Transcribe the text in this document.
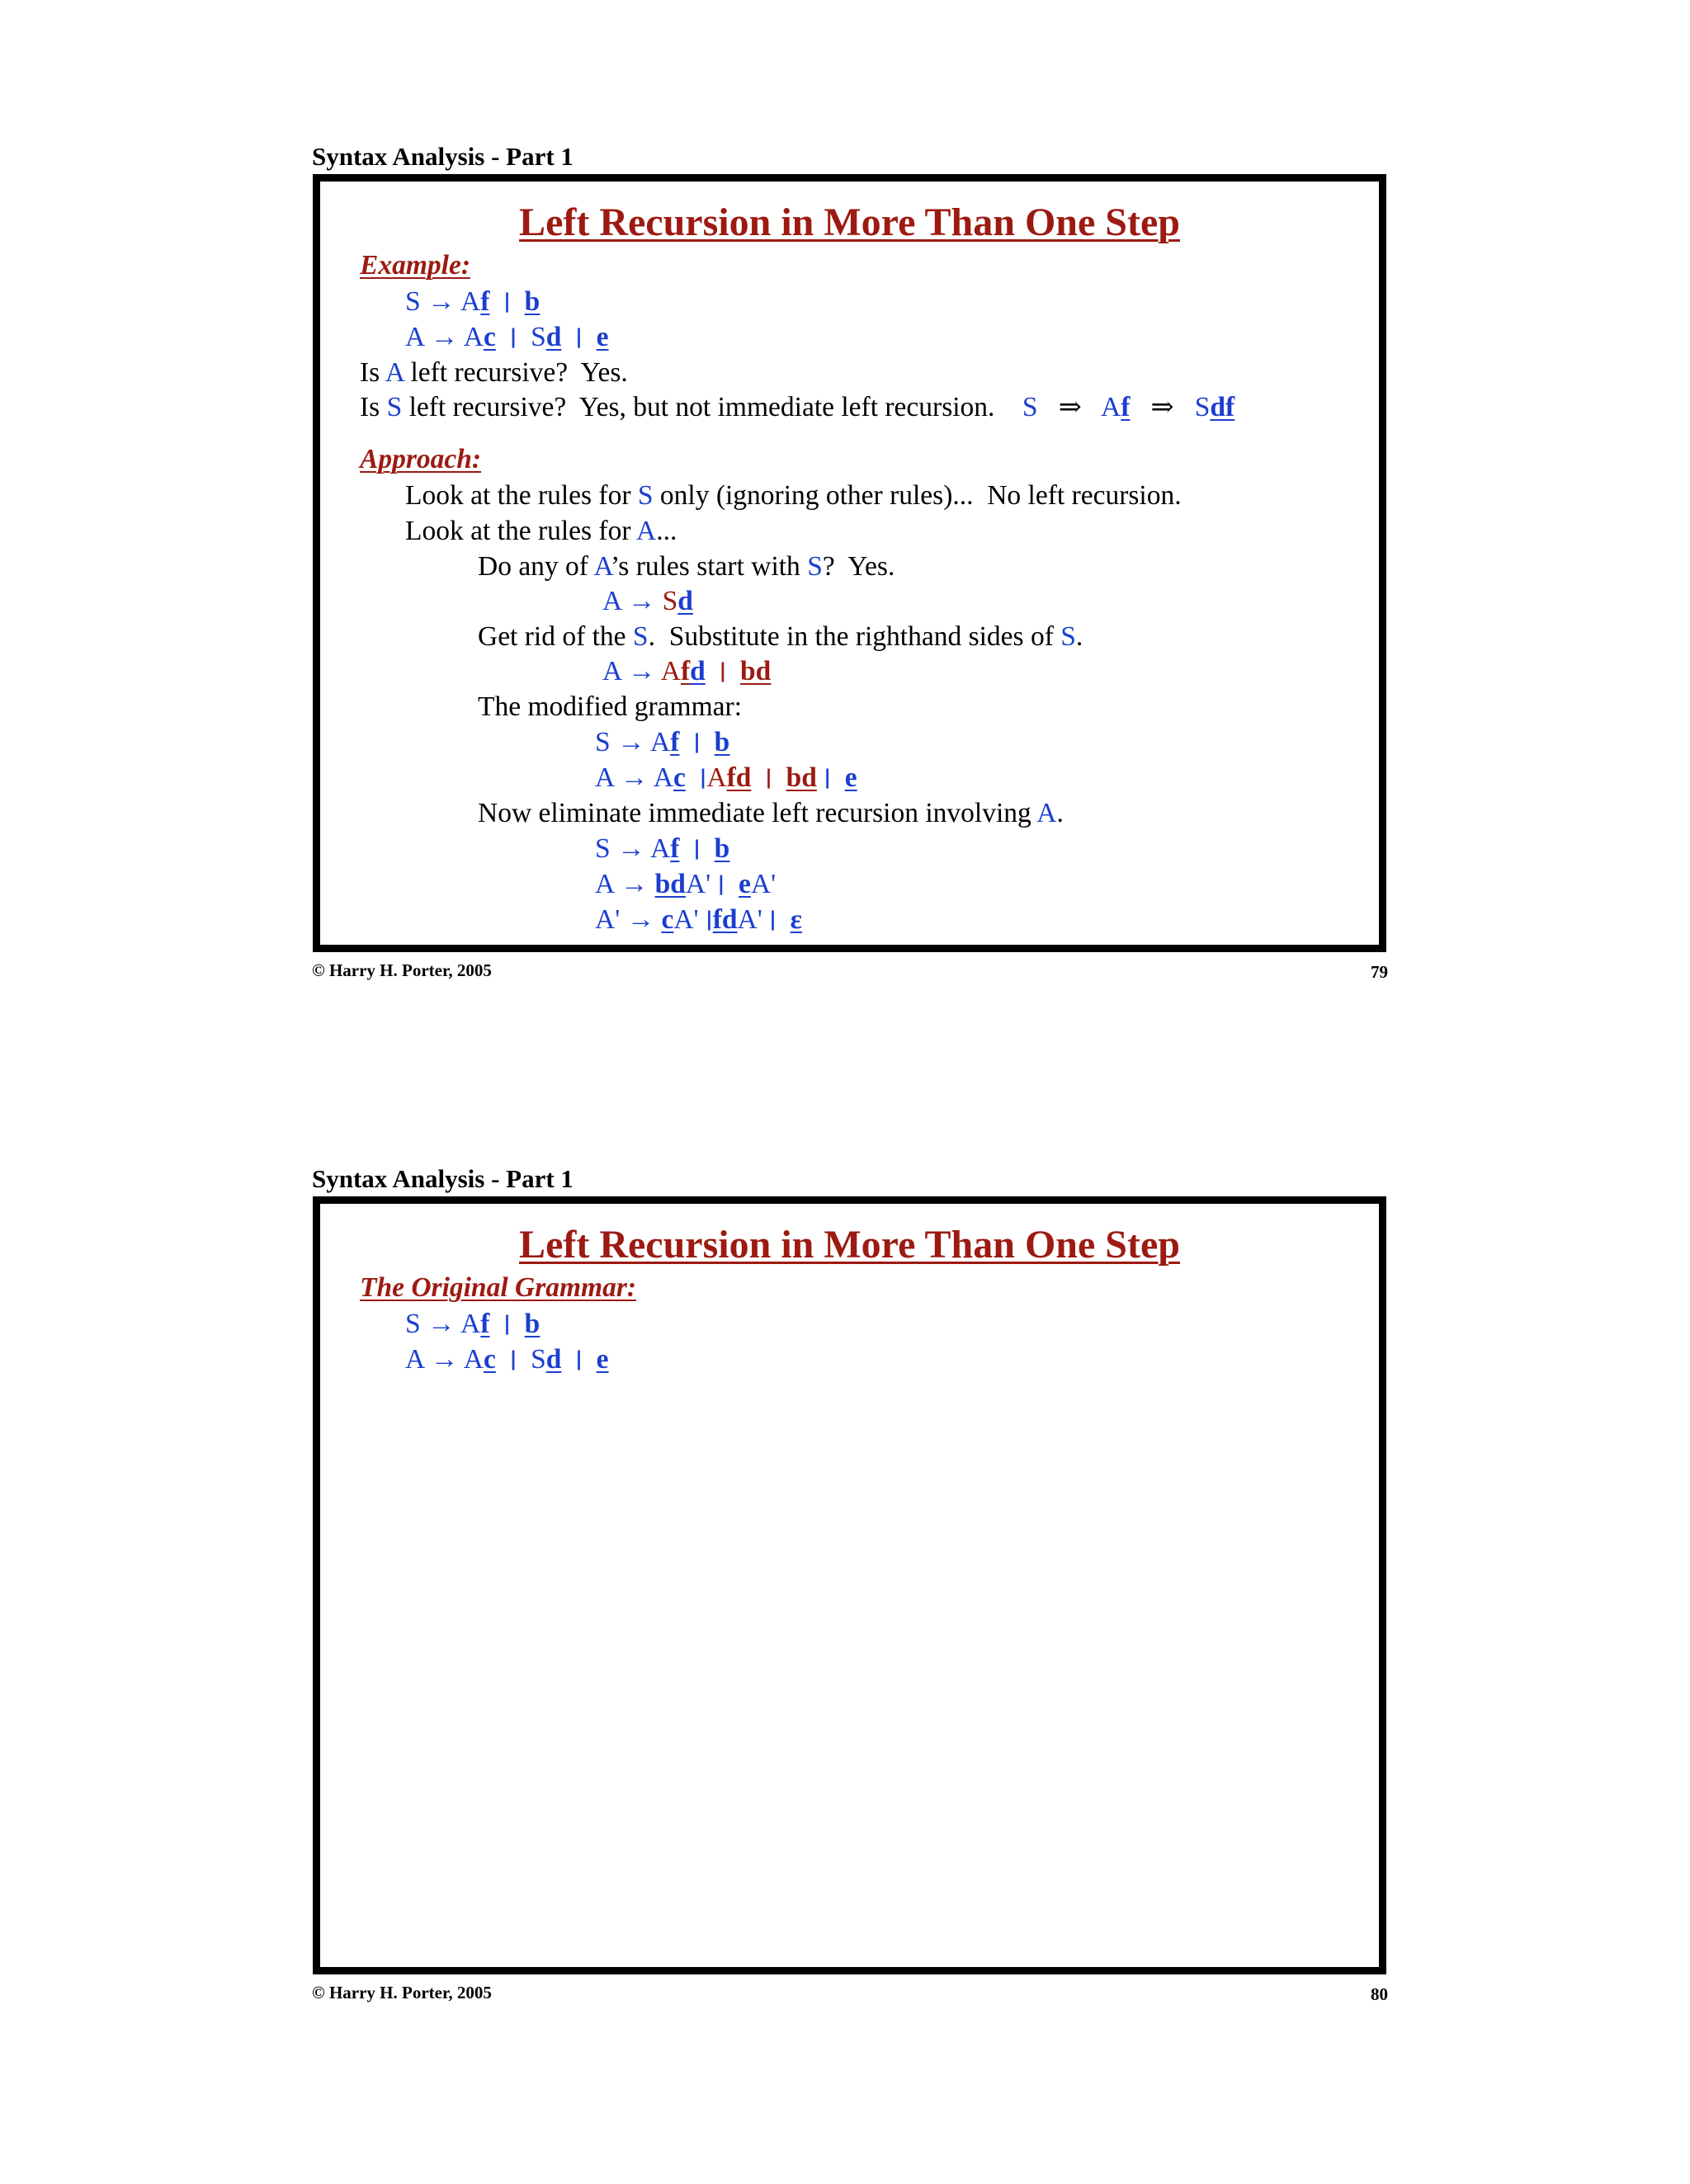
Syntax Analysis - Part 1
Left Recursion in More Than One Step
Example:
S → Af | b
A → Ac |  Sd | e
Is A left recursive?  Yes.
Is S left recursive?  Yes, but not immediate left recursion.    S   ⇒   Af ⇒   Sdf
Approach:
Look at the rules for S only (ignoring other rules)...  No left recursion.
Look at the rules for A...
Do any of A’s rules start with S?  Yes.
A → Sd
Get rid of the S.  Substitute in the righthand sides of S.
A → Afd | bd
The modified grammar:
S → Af | b
A → Ac |Afd | bd | e
Now eliminate immediate left recursion involving A.
S → Af | b
A → bdA' | eA'
A' → cA' |fdA' | ε
© Harry H. Porter, 2005	79
Syntax Analysis - Part 1
Left Recursion in More Than One Step
The Original Grammar:
S → Af | b
A → Ac |  Sd | e
© Harry H. Porter, 2005	80
